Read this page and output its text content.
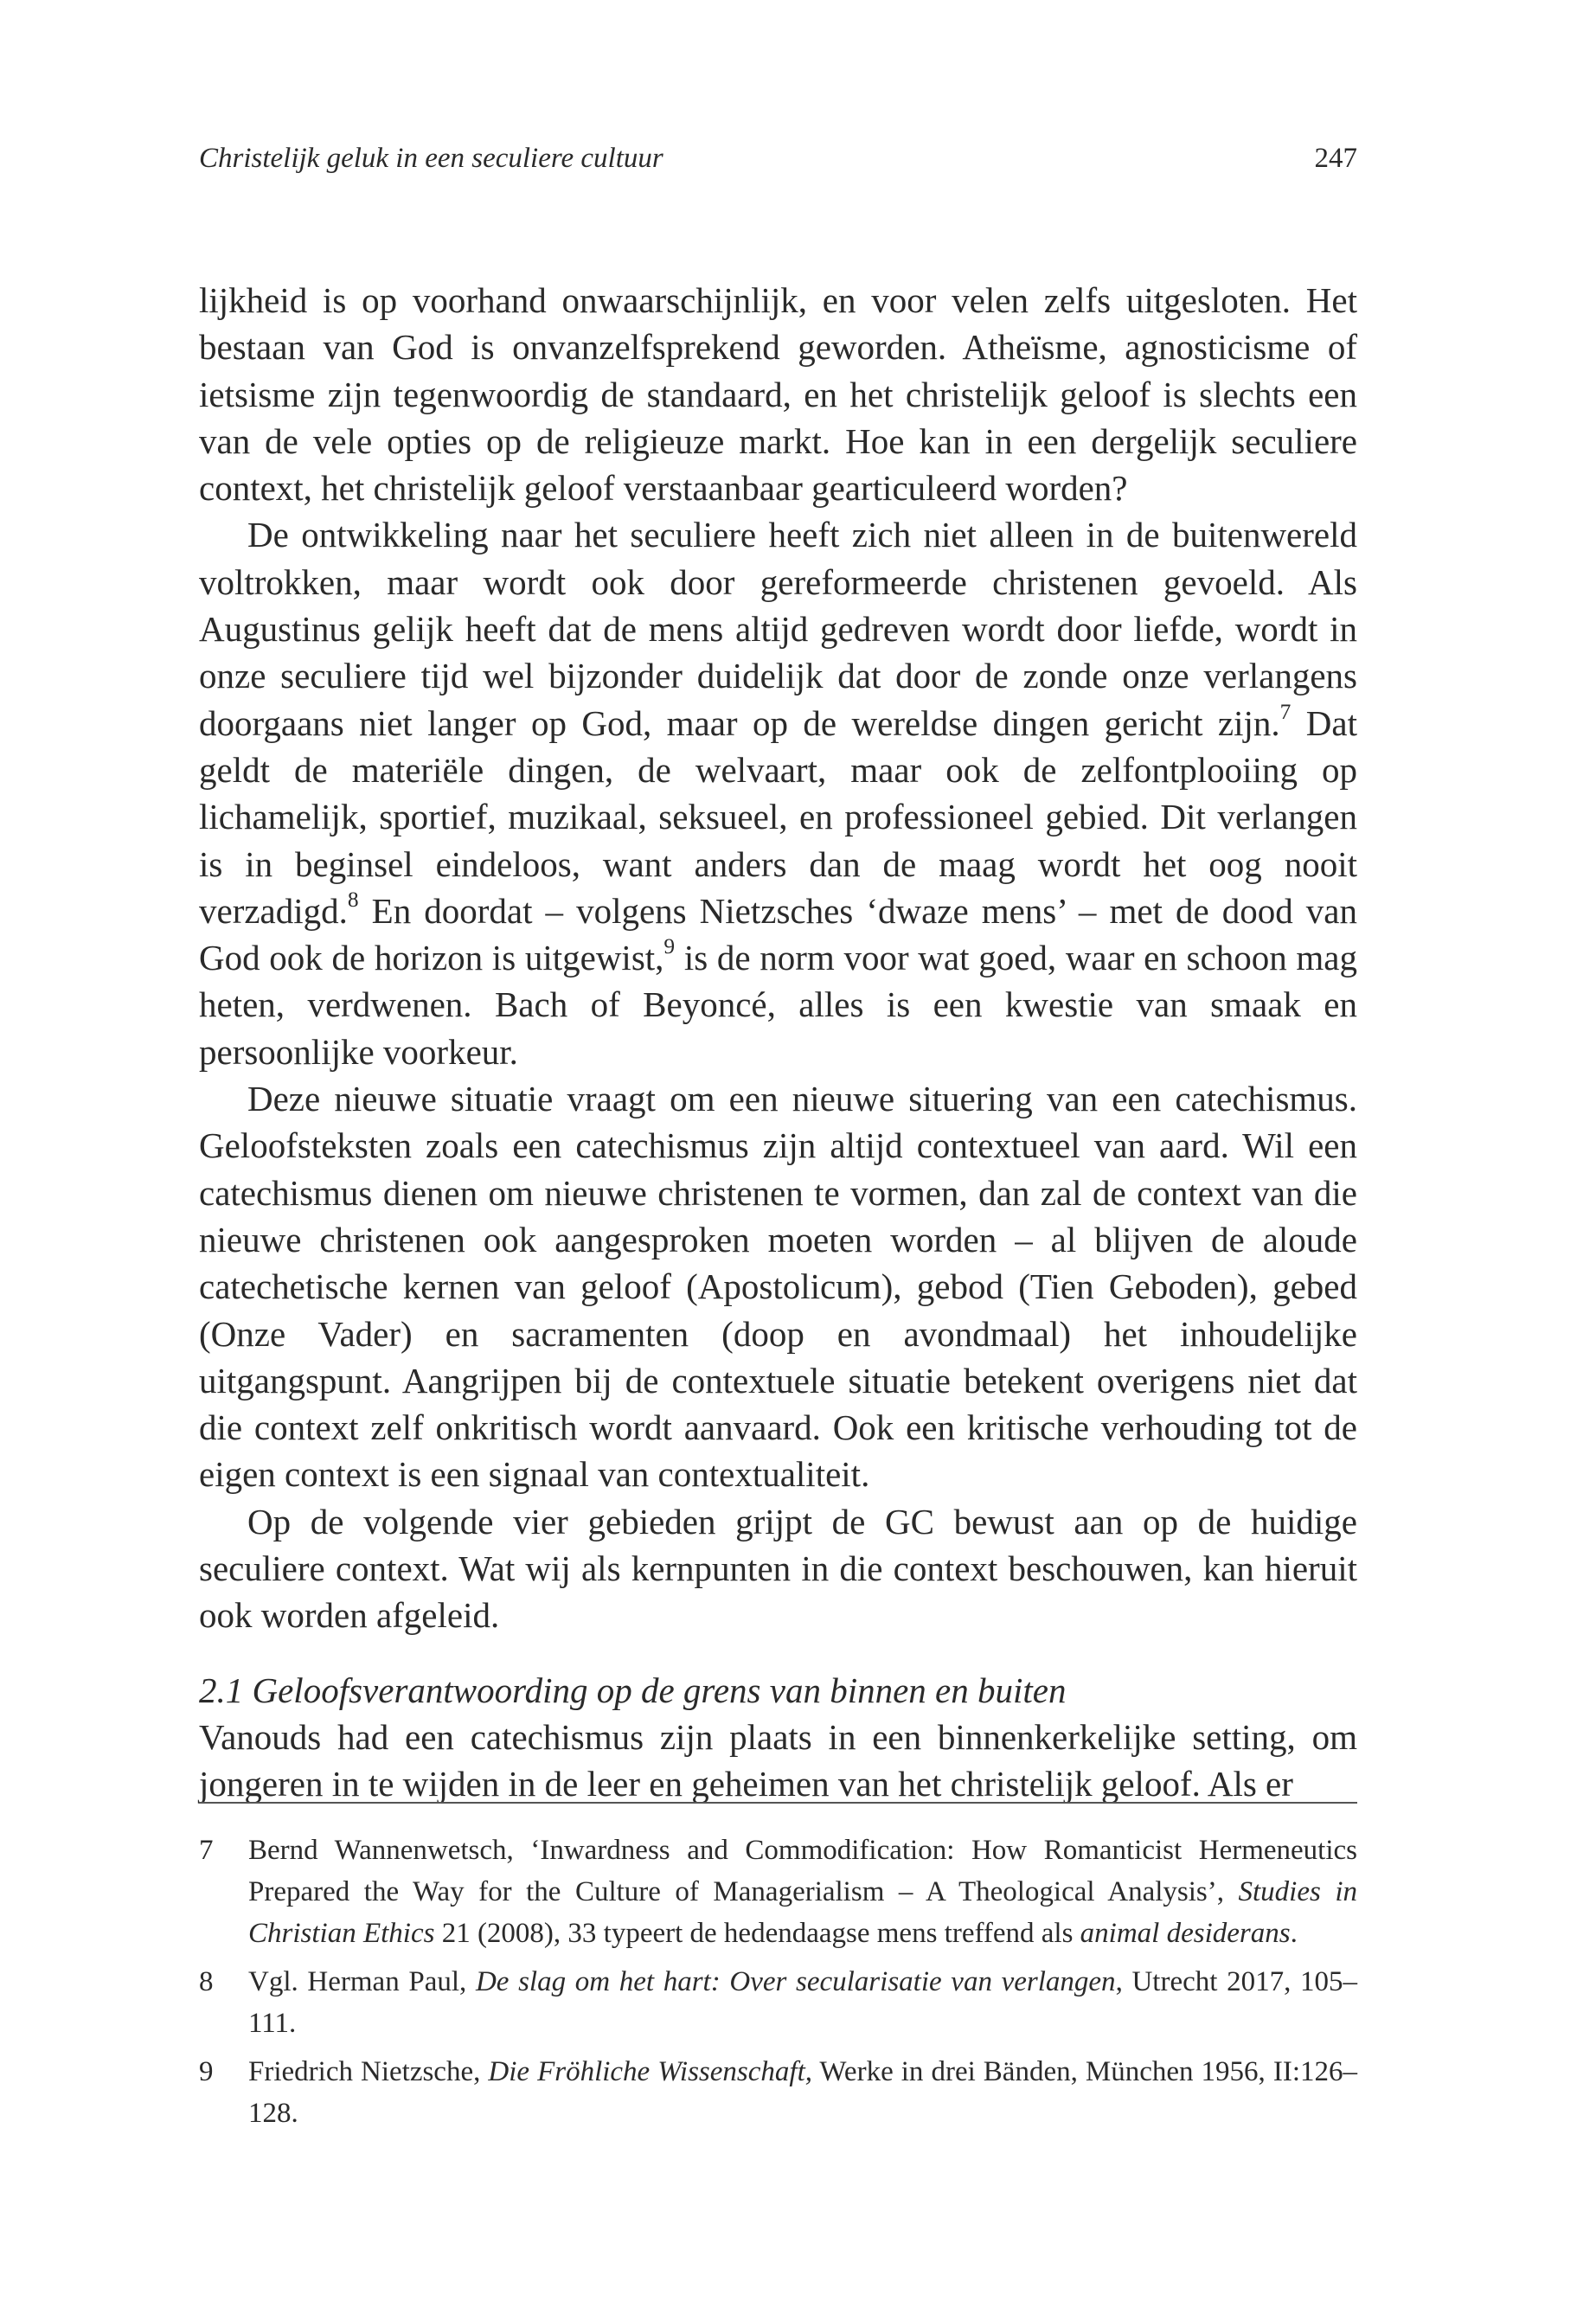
Christelijk geluk in een seculiere cultuur	247

lijkheid is op voorhand onwaarschijnlijk, en voor velen zelfs uitgesloten. Het bestaan van God is onvanzelfsprekend geworden. Atheïsme, agnosticisme of ietsisme zijn tegenwoordig de standaard, en het christelijk geloof is slechts een van de vele opties op de religieuze markt. Hoe kan in een dergelijk seculiere context, het christelijk geloof verstaanbaar gearticuleerd worden?

De ontwikkeling naar het seculiere heeft zich niet alleen in de buitenwereld voltrokken, maar wordt ook door gereformeerde christenen gevoeld. Als Augustinus gelijk heeft dat de mens altijd gedreven wordt door liefde, wordt in onze seculiere tijd wel bijzonder duidelijk dat door de zonde onze verlangens doorgaans niet langer op God, maar op de wereldse dingen gericht zijn.$^7$ Dat geldt de materiële dingen, de welvaart, maar ook de zelfontplooiing op lichamelijk, sportief, muzikaal, seksueel, en professioneel gebied. Dit verlangen is in beginsel eindeloos, want anders dan de maag wordt het oog nooit verzadigd.$^8$ En doordat – volgens Nietzsches ‘dwaze mens’ – met de dood van God ook de horizon is uitgewist,$^9$ is de norm voor wat goed, waar en schoon mag heten, verdwenen. Bach of Beyoncé, alles is een kwestie van smaak en persoonlijke voorkeur.

Deze nieuwe situatie vraagt om een nieuwe situering van een catechismus. Geloofsteksten zoals een catechismus zijn altijd contextueel van aard. Wil een catechismus dienen om nieuwe christenen te vormen, dan zal de context van die nieuwe christenen ook aangesproken moeten worden – al blijven de aloude catechetische kernen van geloof (Apostolicum), gebod (Tien Geboden), gebed (Onze Vader) en sacramenten (doop en avondmaal) het inhoudelijke uitgangspunt. Aangrijpen bij de contextuele situatie betekent overigens niet dat die context zelf onkritisch wordt aanvaard. Ook een kritische verhouding tot de eigen context is een signaal van contextualiteit.

Op de volgende vier gebieden grijpt de GC bewust aan op de huidige seculiere context. Wat wij als kernpunten in die context beschouwen, kan hieruit ook worden afgeleid.

2.1 Geloofsverantwoording op de grens van binnen en buiten

Vanouds had een catechismus zijn plaats in een binnenkerkelijke setting, om jongeren in te wijden in de leer en geheimen van het christelijk geloof. Als er

7 Bernd Wannenwetsch, ‘Inwardness and Commodification: How Romanticist Hermeneutics Prepared the Way for the Culture of Managerialism – A Theological Analysis’, Studies in Christian Ethics 21 (2008), 33 typeert de hedendaagse mens treffend als animal desiderans.
8 Vgl. Herman Paul, De slag om het hart: Over secularisatie van verlangen, Utrecht 2017, 105–111.
9 Friedrich Nietzsche, Die Fröhliche Wissenschaft, Werke in drei Bänden, München 1956, II:126–128.
